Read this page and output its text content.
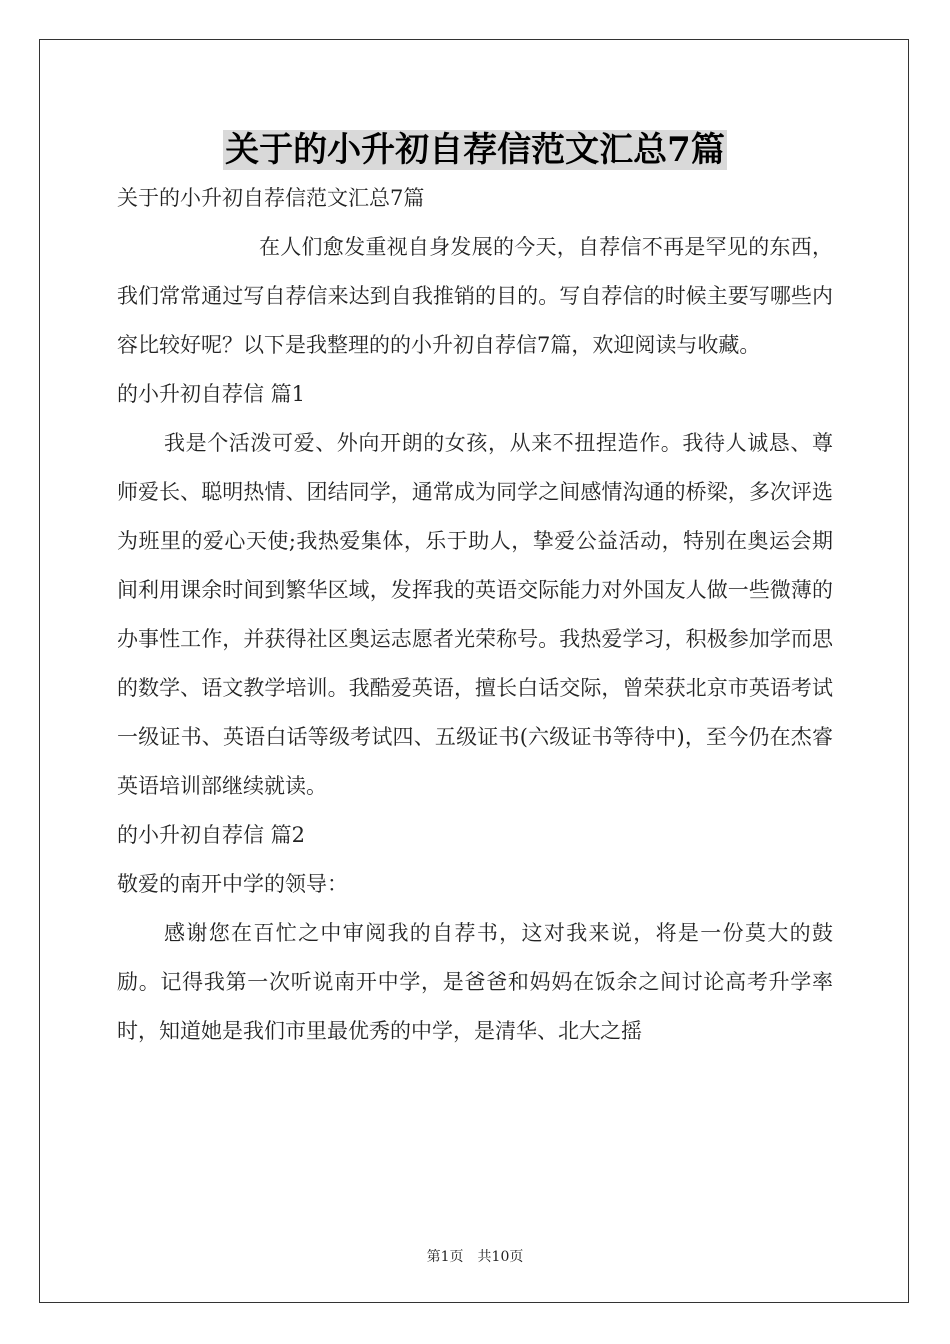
关于的小升初自荐信范文汇总7篇
关于的小升初自荐信范文汇总7篇
在人们愈发重视自身发展的今天，自荐信不再是罕见的东西，我们常常通过写自荐信来达到自我推销的目的。写自荐信的时候主要写哪些内容比较好呢？以下是我整理的的小升初自荐信7篇，欢迎阅读与收藏。
的小升初自荐信 篇1
我是个活泼可爱、外向开朗的女孩，从来不扭捏造作。我待人诚恳、尊师爱长、聪明热情、团结同学，通常成为同学之间感情沟通的桥梁，多次评选为班里的爱心天使;我热爱集体，乐于助人，挚爱公益活动，特别在奥运会期间利用课余时间到繁华区域，发挥我的英语交际能力对外国友人做一些微薄的办事性工作，并获得社区奥运志愿者光荣称号。我热爱学习，积极参加学而思的数学、语文教学培训。我酷爱英语，擅长白话交际，曾荣获北京市英语考试一级证书、英语白话等级考试四、五级证书(六级证书等待中)，至今仍在杰睿英语培训部继续就读。
的小升初自荐信 篇2
敬爱的南开中学的领导：
感谢您在百忙之中审阅我的自荐书，这对我来说，将是一份莫大的鼓励。记得我第一次听说南开中学，是爸爸和妈妈在饭余之间讨论高考升学率时，知道她是我们市里最优秀的中学，是清华、北大之摇
第1页　共10页
